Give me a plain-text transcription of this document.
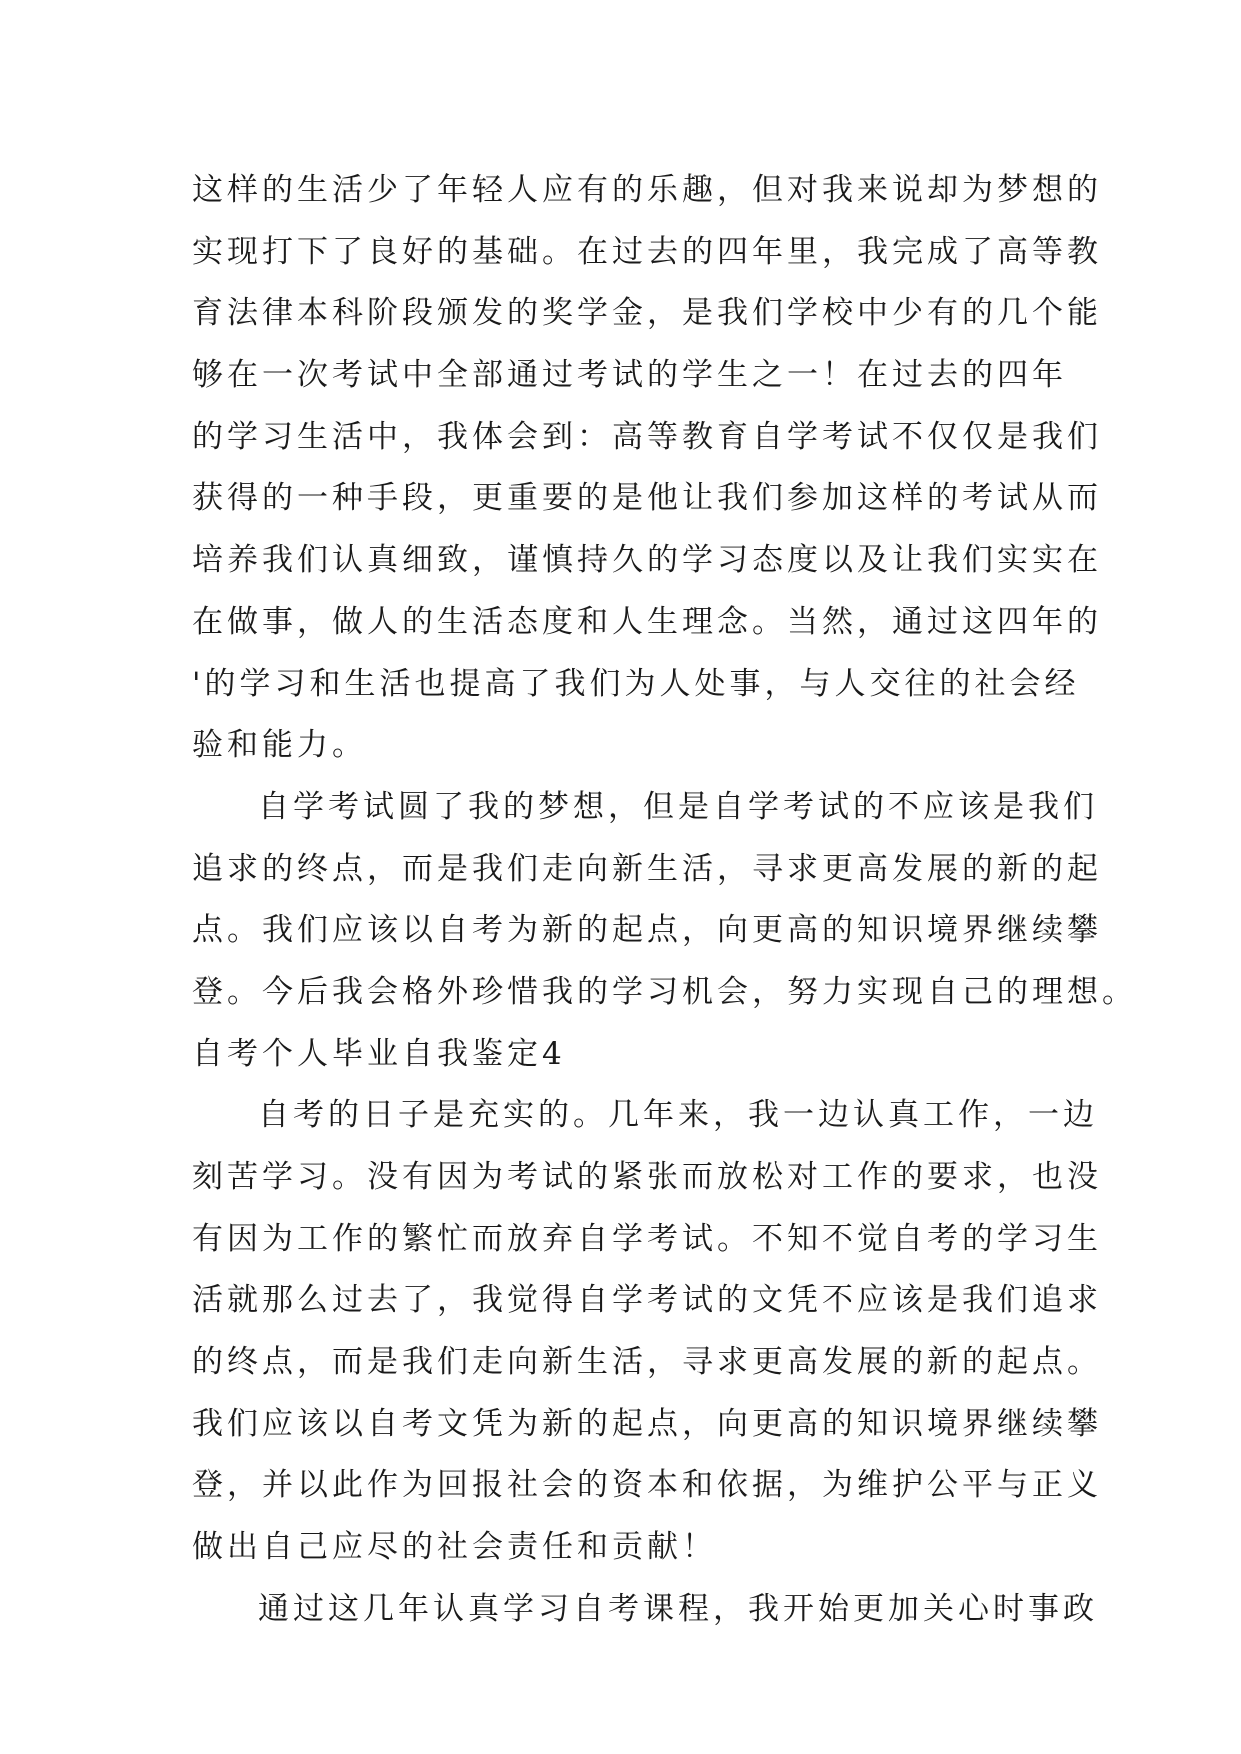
这样的生活少了年轻人应有的乐趣，但对我来说却为梦想的
实现打下了良好的基础。在过去的四年里，我完成了高等教
育法律本科阶段颁发的奖学金，是我们学校中少有的几个能
够在一次考试中全部通过考试的学生之一！在过去的四年
的学习生活中，我体会到：高等教育自学考试不仅仅是我们
获得的一种手段，更重要的是他让我们参加这样的考试从而
培养我们认真细致，谨慎持久的学习态度以及让我们实实在
在做事，做人的生活态度和人生理念。当然，通过这四年的
'的学习和生活也提高了我们为人处事，与人交往的社会经
验和能力。
自学考试圆了我的梦想，但是自学考试的不应该是我们
追求的终点，而是我们走向新生活，寻求更高发展的新的起
点。我们应该以自考为新的起点，向更高的知识境界继续攀
登。今后我会格外珍惜我的学习机会，努力实现自己的理想。
自考个人毕业自我鉴定4
自考的日子是充实的。几年来，我一边认真工作，一边
刻苦学习。没有因为考试的紧张而放松对工作的要求，也没
有因为工作的繁忙而放弃自学考试。不知不觉自考的学习生
活就那么过去了，我觉得自学考试的文凭不应该是我们追求
的终点，而是我们走向新生活，寻求更高发展的新的起点。
我们应该以自考文凭为新的起点，向更高的知识境界继续攀
登，并以此作为回报社会的资本和依据，为维护公平与正义
做出自己应尽的社会责任和贡献！
通过这几年认真学习自考课程，我开始更加关心时事政
